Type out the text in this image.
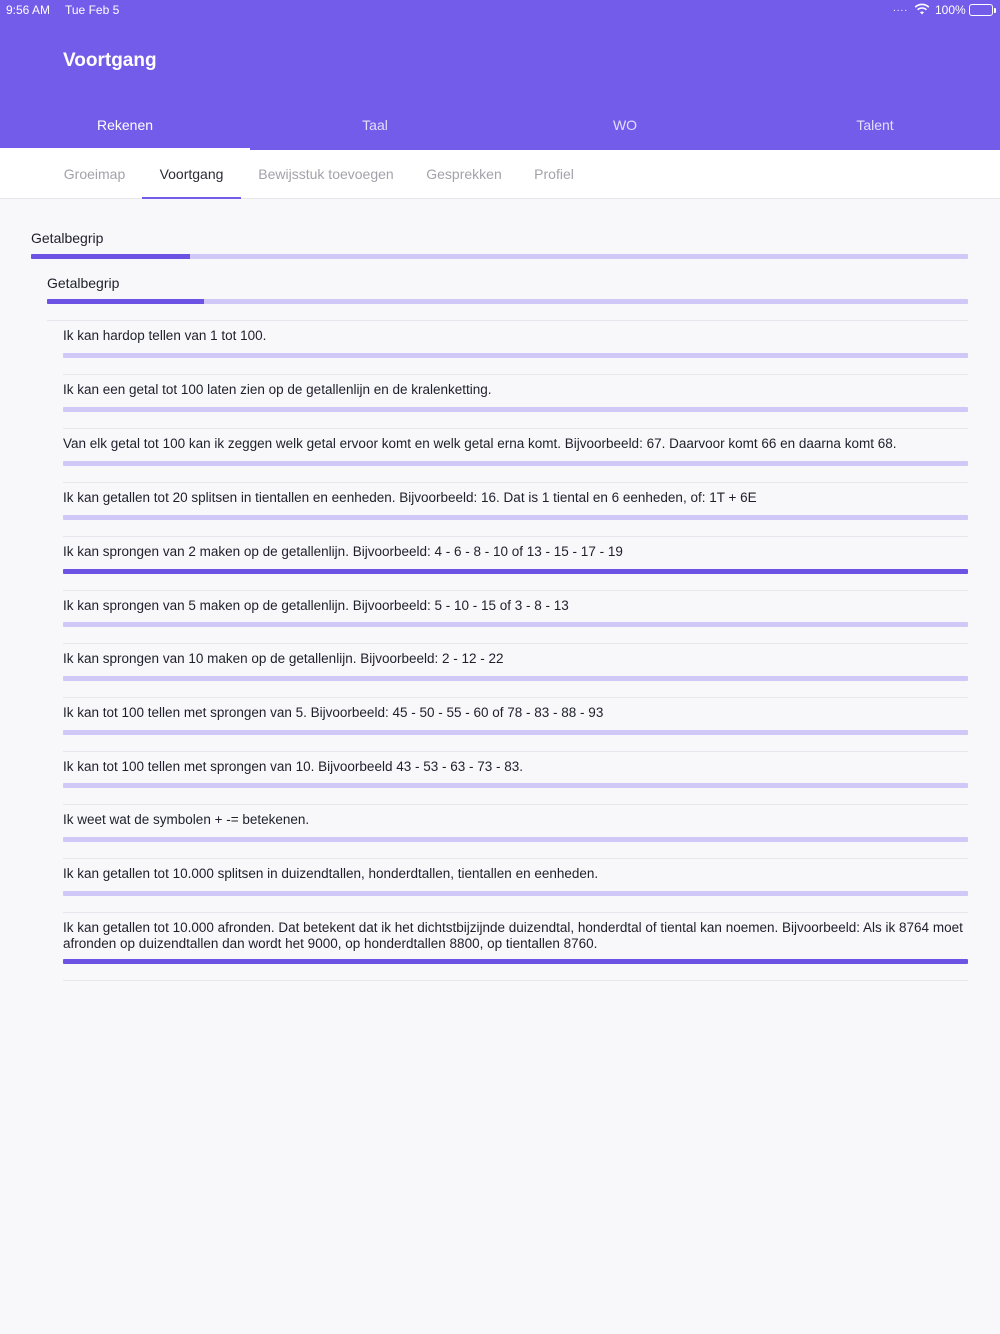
9:56 AM Tue Feb 5	.... 100%
Voortgang
Rekenen	Taal	WO	Talent
Groeimap	Voortgang	Bewijsstuk toevoegen Gesprekken Profiel
Getalbegrip
Getalbegrip
Ik kan hardop tellen van 1 tot 100.
Ik kan een getal tot 100 laten zien op de getallenlijn en de kralenketting.
Van elk getal tot 100 kan ik zeggen welk getal ervoor komt en welk getal erna komt. Bijvoorbeeld: 67. Daarvoor komt 66 en daarna komt 68.
Ik kan getallen tot 20 splitsen in tientallen en eenheden. Bijvoorbeeld: 16. Dat is 1 tiental en 6 eenheden, of: 1T + 6E
Ik kan sprongen van 2 maken op de getallenlijn. Bijvoorbeeld: 4 - 6 - 8 - 10 of 13 - 15 - 17 - 19
Ik kan sprongen van 5 maken op de getallenlijn. Bijvoorbeeld: 5 - 10 - 15 of 3 - 8 - 13
Ik kan sprongen van 10 maken op de getallenlijn. Bijvoorbeeld: 2 - 12 - 22
Ik kan tot 100 tellen met sprongen van 5. Bijvoorbeeld: 45 - 50 - 55 - 60 of 78 - 83 - 88 - 93
Ik kan tot 100 tellen met sprongen van 10. Bijvoorbeeld 43 - 53 - 63 - 73 - 83.
Ik weet wat de symbolen + -= betekenen.
Ik kan getallen tot 10.000 splitsen in duizendtallen, honderdtallen, tientallen en eenheden.
Ik kan getallen tot 10.000 afronden. Dat betekent dat ik het dichtstbijzijnde duizendtal, honderdtal of tiental kan noemen. Bijvoorbeeld: Als ik 8764 moet afronden op duizendtallen dan wordt het 9000, op honderdtallen 8800, op tientallen 8760.
